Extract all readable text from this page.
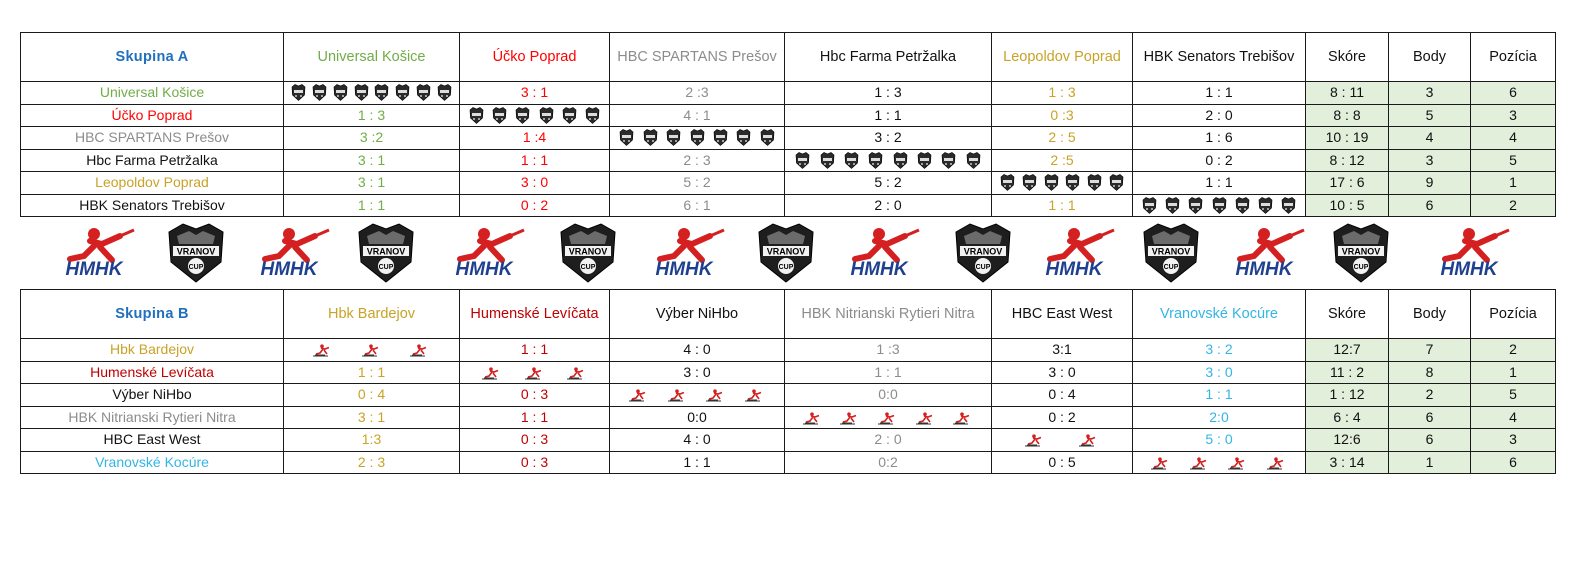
Skupina A	Universal Košice	Účko Poprad	HBC SPARTANS Prešov	Hbc Farma Petržalka	Leopoldov Poprad	HBK Senators Trebišov	Skóre	Body	Pozícia
Universal Košice		3 : 1	2 :3	1 : 3	1 : 3	1 : 1	8 : 11	3	6
Účko Poprad	1 : 3		4 : 1	1 : 1	0 :3	2 : 0	8 : 8	5	3
HBC SPARTANS Prešov	3 :2	1 :4		3 : 2	2 : 5	1 : 6	10 : 19	4	4
Hbc Farma Petržalka	3 : 1	1 : 1	2 : 3		2 :5	0 : 2	8 : 12	3	5
Leopoldov Poprad	3 : 1	3 : 0	5 : 2	5 : 2		1 : 1	17 : 6	9	1
HBK Senators Trebišov	1 : 1	0 : 2	6 : 1	2 : 0	1 : 1		10 : 5	6	2
HMHK
VRANOV
CUP	HMHK
VRANOV
CUP	HMHK
VRANOV
CUP	HMHK
VRANOV
CUP	HMHK
VRANOV
CUP	HMHK
VRANOV
CUP	HMHK
VRANOV
CUP	HMHK
Skupina B	Hbk Bardejov	Humenské Levíčata	Výber NiHbo	HBK Nitrianski Rytieri Nitra	HBC East West	Vranovské Kocúre	Skóre	Body	Pozícia
Hbk Bardejov		1 : 1	4 : 0	1 :3	3:1	3 : 2	12:7	7	2
Humenské Levíčata	1 : 1		3 : 0	1 : 1	3 : 0	3 : 0	11 : 2	8	1
Výber NiHbo	0 : 4	0 : 3		0:0	0 : 4	1 : 1	1 : 12	2	5
HBK Nitrianski Rytieri Nitra	3 : 1	1 : 1	0:0		0 : 2	2:0	6 : 4	6	4
HBC East West	1:3	0 : 3	4 : 0	2 : 0		5 : 0	12:6	6	3
Vranovské Kocúre	2 : 3	0 : 3	1 : 1	0:2	0 : 5		3 : 14	1	6
